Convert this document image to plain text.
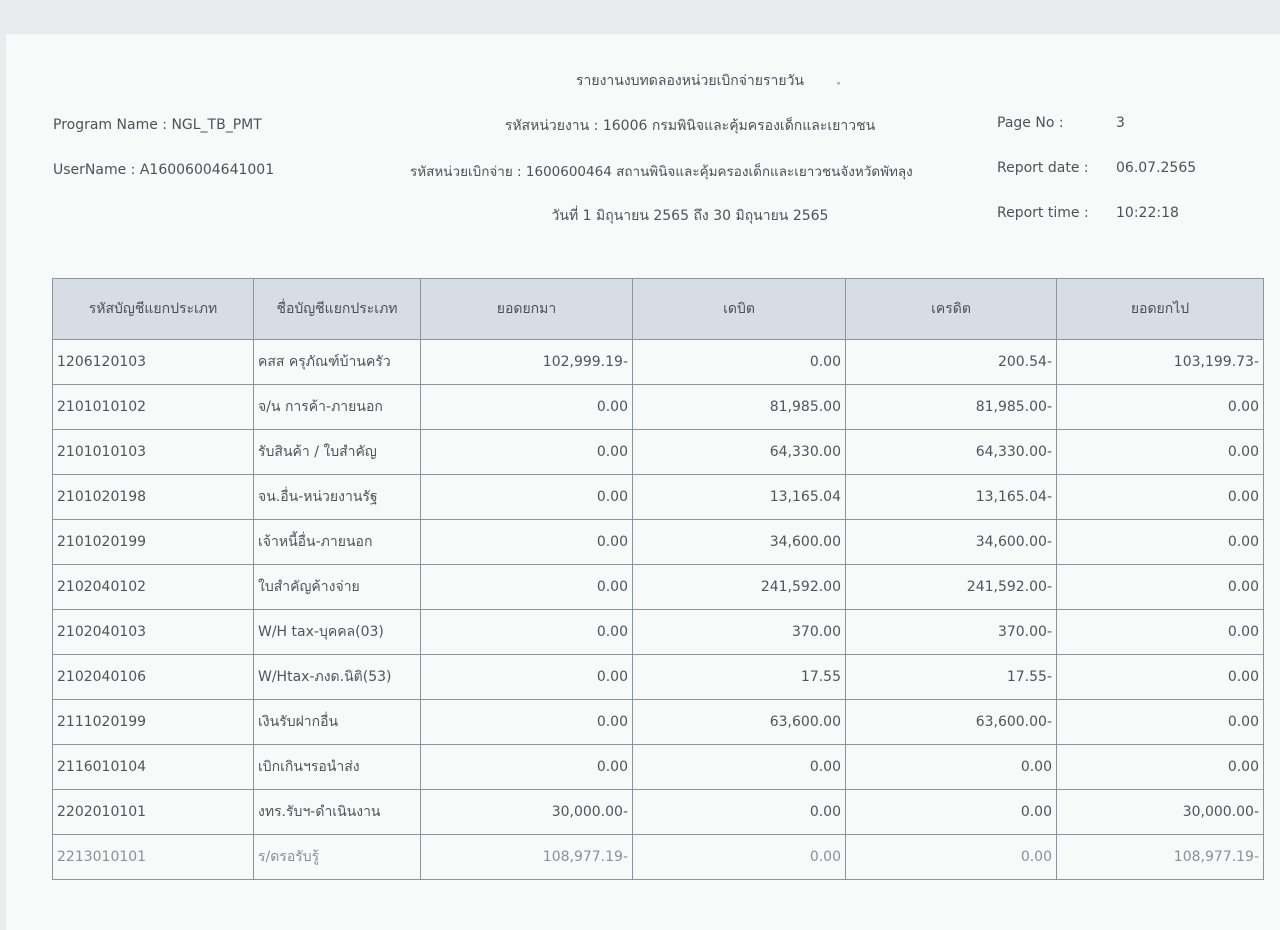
รายงานงบทดลองหน่วยเบิกจ่ายรายวัน	˅
Program Name : NGL_TB_PMT	รหัสหน่วยงาน : 16006 กรมพินิจและคุ้มครองเด็กและเยาวชน	Page No :	3
UserName : A16006004641001	รหัสหน่วยเบิกจ่าย : 1600600464 สถานพินิจและคุ้มครองเด็กและเยาวชนจังหวัดพัทลุง	Report date : 06.07.2565
วันที่ 1 มิถุนายน 2565 ถึง 30 มิถุนายน 2565	Report time : 10:22:18
รหัสบัญชีแยกประเภท	ชื่อบัญชีแยกประเภท	ยอดยกมา	เดบิต	เครดิต	ยอดยกไป
1206120103	คสส ครุภัณฑ์บ้านครัว	102,999.19-	0.00	200.54-	103,199.73-
2101010102	จ/น การค้า-ภายนอก	0.00	81,985.00	81,985.00-	0.00
2101010103	รับสินค้า / ใบสำคัญ	0.00	64,330.00	64,330.00-	0.00
2101020198	จน.อื่น-หน่วยงานรัฐ	0.00	13,165.04	13,165.04-	0.00
2101020199	เจ้าหนี้อื่น-ภายนอก	0.00	34,600.00	34,600.00-	0.00
2102040102	ใบสำคัญค้างจ่าย	0.00	241,592.00	241,592.00-	0.00
2102040103	W/H tax-บุคคล(03)	0.00	370.00	370.00-	0.00
2102040106	W/Htax-ภงด.นิติ(53)	0.00	17.55	17.55-	0.00
2111020199	เงินรับฝากอื่น	0.00	63,600.00	63,600.00-	0.00
2116010104	เบิกเกินฯรอนำส่ง	0.00	0.00	0.00	0.00
2202010101	งทร.รับฯ-ดำเนินงาน	30,000.00-	0.00	0.00	30,000.00-
2213010101	ร/ดรอรับรู้	108,977.19-	0.00	0.00	108,977.19-
